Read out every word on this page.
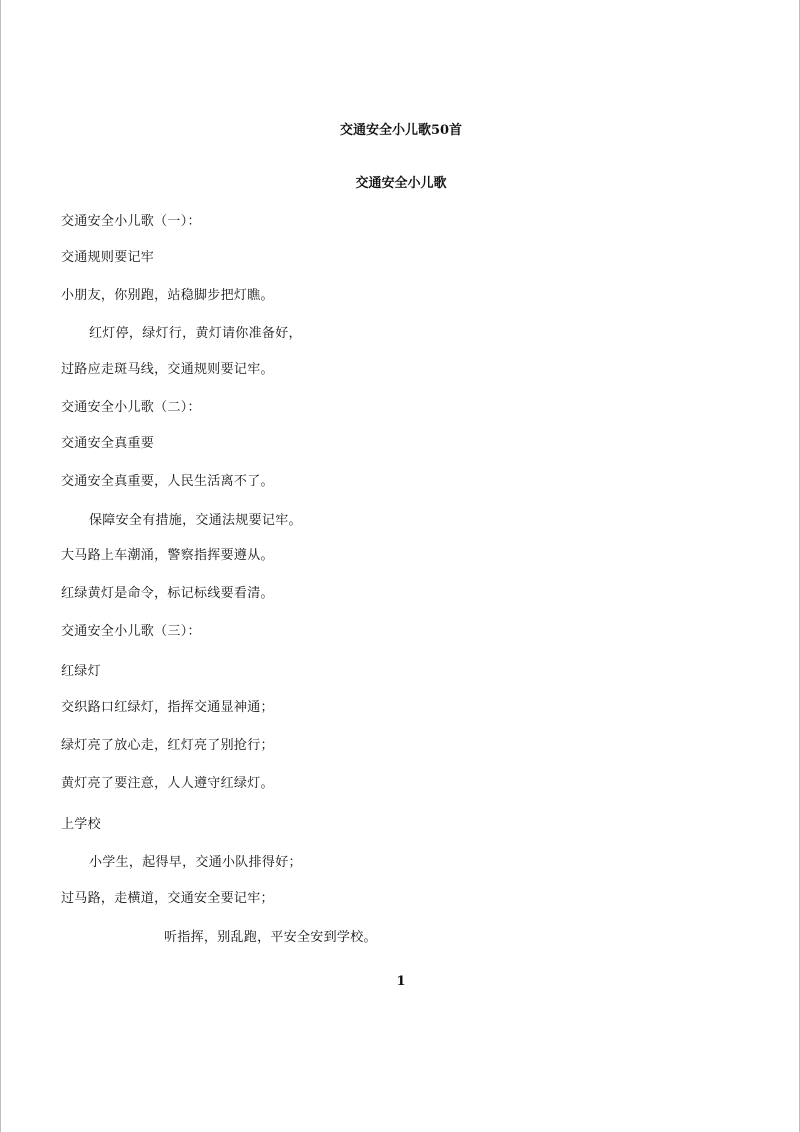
交通安全小儿歌50首
交通安全小儿歌
交通安全小儿歌（一）：
交通规则要记牢
小朋友，你别跑，站稳脚步把灯瞧。
红灯停，绿灯行，黄灯请你准备好，
过路应走斑马线，交通规则要记牢。
交通安全小儿歌（二）：
交通安全真重要
交通安全真重要，人民生活离不了。
保障安全有措施，交通法规要记牢。
大马路上车潮涌，警察指挥要遵从。
红绿黄灯是命令，标记标线要看清。
交通安全小儿歌（三）：
红绿灯
交织路口红绿灯，指挥交通显神通；
绿灯亮了放心走，红灯亮了别抢行；
黄灯亮了要注意，人人遵守红绿灯。
上学校
小学生，起得早，交通小队排得好；
过马路，走横道，交通安全要记牢；
听指挥，别乱跑，平安全安到学校。
1
